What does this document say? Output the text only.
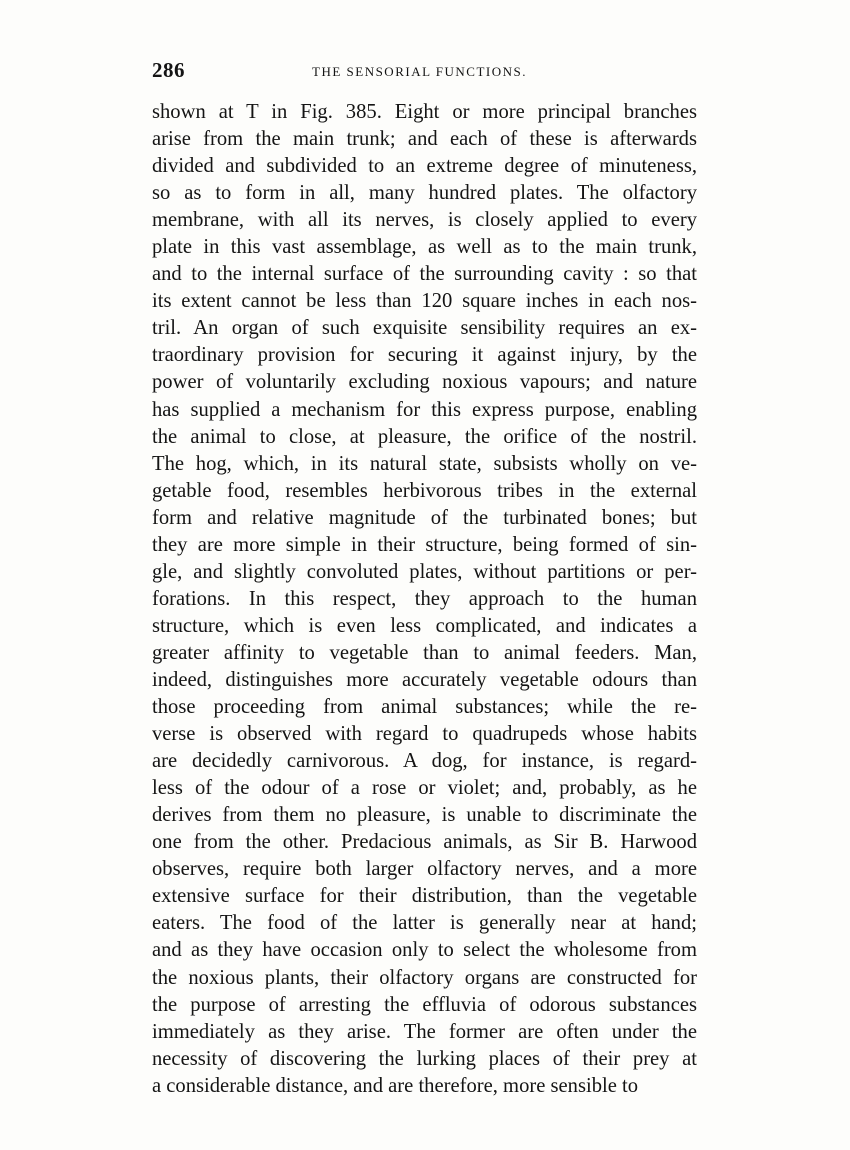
286	THE SENSORIAL FUNCTIONS.
shown at T in Fig. 385. Eight or more principal branches
arise from the main trunk; and each of these is afterwards
divided and subdivided to an extreme degree of minuteness,
so as to form in all, many hundred plates. The olfactory
membrane, with all its nerves, is closely applied to every
plate in this vast assemblage, as well as to the main trunk,
and to the internal surface of the surrounding cavity : so that
its extent cannot be less than 120 square inches in each nos-
tril. An organ of such exquisite sensibility requires an ex-
traordinary provision for securing it against injury, by the
power of voluntarily excluding noxious vapours; and nature
has supplied a mechanism for this express purpose, enabling
the animal to close, at pleasure, the orifice of the nostril.
The hog, which, in its natural state, subsists wholly on ve-
getable food, resembles herbivorous tribes in the external
form and relative magnitude of the turbinated bones; but
they are more simple in their structure, being formed of sin-
gle, and slightly convoluted plates, without partitions or per-
forations. In this respect, they approach to the human
structure, which is even less complicated, and indicates a
greater affinity to vegetable than to animal feeders. Man,
indeed, distinguishes more accurately vegetable odours than
those proceeding from animal substances; while the re-
verse is observed with regard to quadrupeds whose habits
are decidedly carnivorous. A dog, for instance, is regard-
less of the odour of a rose or violet; and, probably, as he
derives from them no pleasure, is unable to discriminate the
one from the other. Predacious animals, as Sir B. Harwood
observes, require both larger olfactory nerves, and a more
extensive surface for their distribution, than the vegetable
eaters. The food of the latter is generally near at hand;
and as they have occasion only to select the wholesome from
the noxious plants, their olfactory organs are constructed for
the purpose of arresting the effluvia of odorous substances
immediately as they arise. The former are often under the
necessity of discovering the lurking places of their prey at
a considerable distance, and are therefore, more sensible to
